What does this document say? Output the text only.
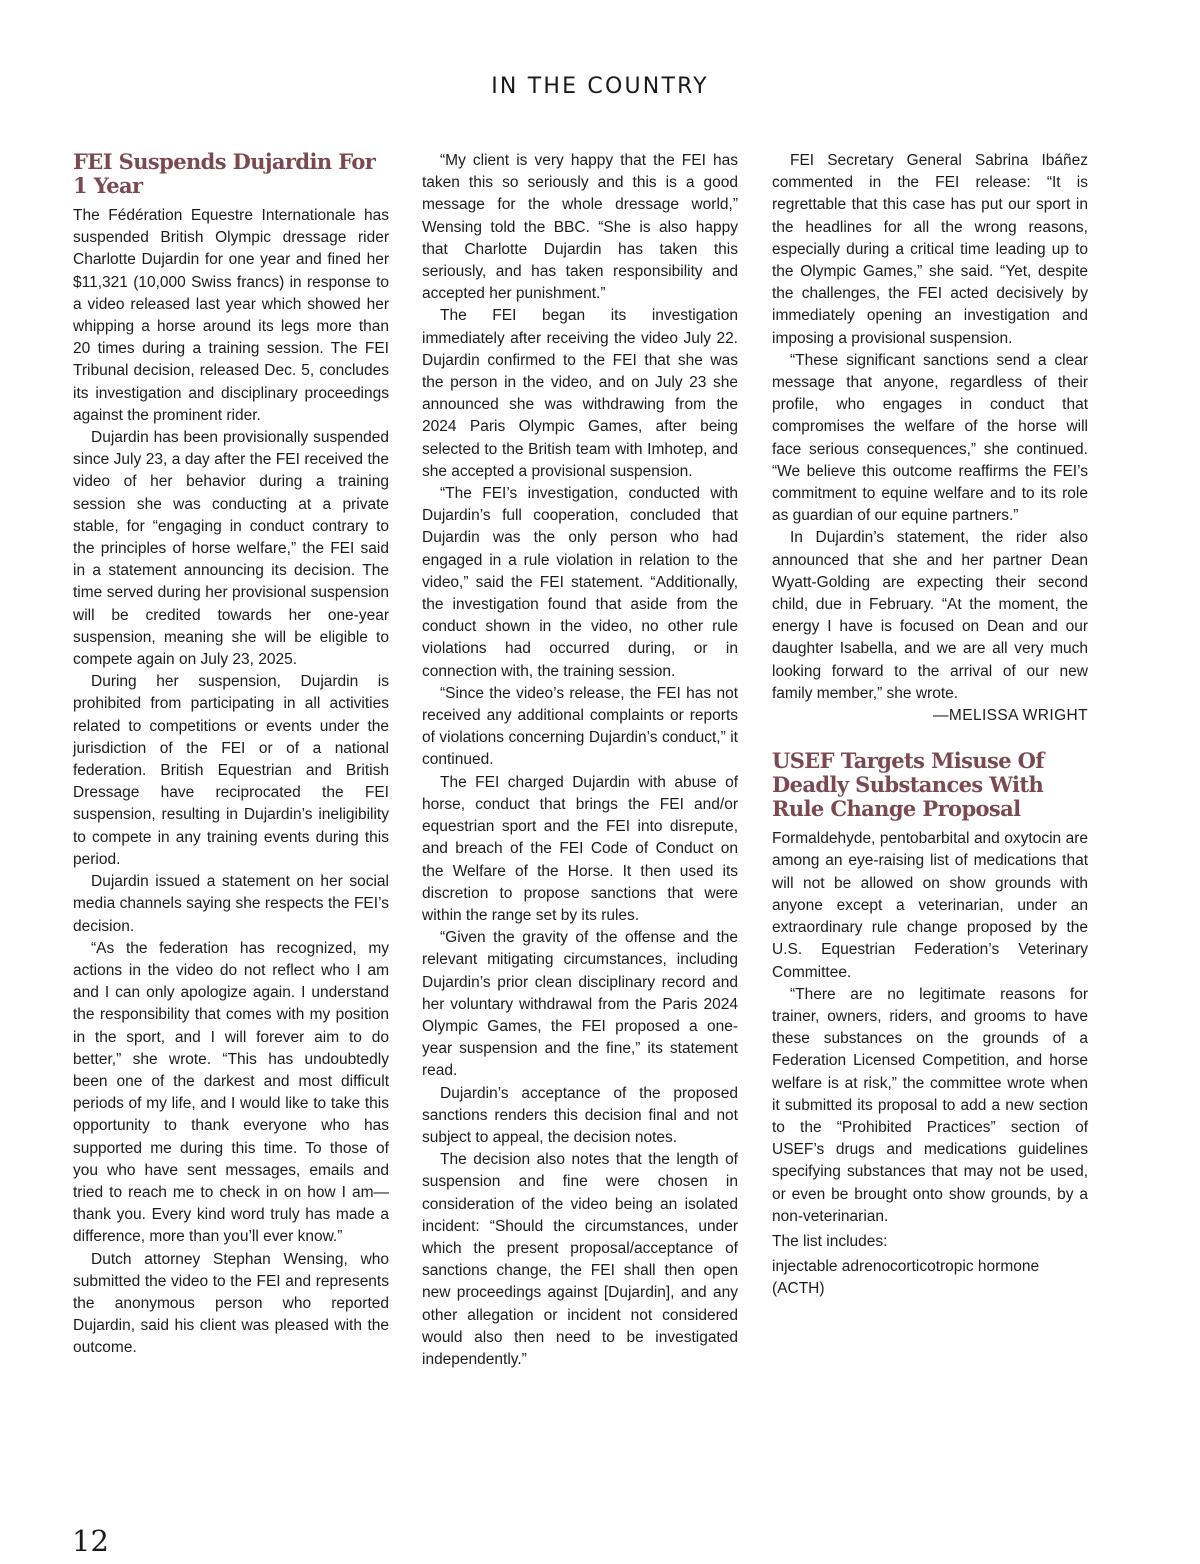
IN THE COUNTRY
FEI Suspends Dujardin For 1 Year

The Fédération Equestre Internationale has suspended British Olympic dressage rider Charlotte Dujardin for one year and fined her $11,321 (10,000 Swiss francs) in response to a video released last year which showed her whipping a horse around its legs more than 20 times during a training session. The FEI Tribunal decision, released Dec. 5, concludes its investigation and disciplinary proceedings against the prominent rider.

Dujardin has been provisionally suspended since July 23, a day after the FEI received the video of her behavior during a training session she was conducting at a private stable, for “engaging in conduct contrary to the principles of horse welfare,” the FEI said in a statement announcing its decision. The time served during her provisional suspension will be credited towards her one-year suspension, meaning she will be eligible to compete again on July 23, 2025.

During her suspension, Dujardin is prohibited from participating in all activities related to competitions or events under the jurisdiction of the FEI or of a national federation. British Equestrian and British Dressage have reciprocated the FEI suspension, resulting in Dujardin’s ineligibility to compete in any training events during this period.

Dujardin issued a statement on her social media channels saying she respects the FEI’s decision.

“As the federation has recognized, my actions in the video do not reflect who I am and I can only apologize again. I understand the responsibility that comes with my position in the sport, and I will forever aim to do better,” she wrote. “This has undoubtedly been one of the darkest and most difficult periods of my life, and I would like to take this opportunity to thank everyone who has supported me during this time. To those of you who have sent messages, emails and tried to reach me to check in on how I am—thank you. Every kind word truly has made a difference, more than you’ll ever know.”

Dutch attorney Stephan Wensing, who submitted the video to the FEI and represents the anonymous person who reported Dujardin, said his client was pleased with the outcome.

“My client is very happy that the FEI has taken this so seriously and this is a good message for the whole dressage world,” Wensing told the BBC. “She is also happy that Charlotte Dujardin has taken this seriously, and has taken responsibility and accepted her punishment.”

The FEI began its investigation immediately after receiving the video July 22. Dujardin confirmed to the FEI that she was the person in the video, and on July 23 she announced she was withdrawing from the 2024 Paris Olympic Games, after being selected to the British team with Imhotep, and she accepted a provisional suspension.

“The FEI’s investigation, conducted with Dujardin’s full cooperation, concluded that Dujardin was the only person who had engaged in a rule violation in relation to the video,” said the FEI statement. “Additionally, the investigation found that aside from the conduct shown in the video, no other rule violations had occurred during, or in connection with, the training session.

“Since the video’s release, the FEI has not received any additional complaints or reports of violations concerning Dujardin’s conduct,” it continued.

The FEI charged Dujardin with abuse of horse, conduct that brings the FEI and/or equestrian sport and the FEI into disrepute, and breach of the FEI Code of Conduct on the Welfare of the Horse. It then used its discretion to propose sanctions that were within the range set by its rules.

“Given the gravity of the offense and the relevant mitigating circumstances, including Dujardin’s prior clean disciplinary record and her voluntary withdrawal from the Paris 2024 Olympic Games, the FEI proposed a one-year suspension and the fine,” its statement read.

Dujardin’s acceptance of the proposed sanctions renders this decision final and not subject to appeal, the decision notes.

The decision also notes that the length of suspension and fine were chosen in consideration of the video being an isolated incident: “Should the circumstances, under which the present proposal/acceptance of sanctions change, the FEI shall then open new proceedings against [Dujardin], and any other allegation or incident not considered would also then need to be investigated independently.”

FEI Secretary General Sabrina Ibáñez commented in the FEI release: “It is regrettable that this case has put our sport in the headlines for all the wrong reasons, especially during a critical time leading up to the Olympic Games,” she said. “Yet, despite the challenges, the FEI acted decisively by immediately opening an investigation and imposing a provisional suspension.

“These significant sanctions send a clear message that anyone, regardless of their profile, who engages in conduct that compromises the welfare of the horse will face serious consequences,” she continued. “We believe this outcome reaffirms the FEI’s commitment to equine welfare and to its role as guardian of our equine partners.”

In Dujardin’s statement, the rider also announced that she and her partner Dean Wyatt-Golding are expecting their second child, due in February. “At the moment, the energy I have is focused on Dean and our daughter Isabella, and we are all very much looking forward to the arrival of our new family member,” she wrote.

—MELISSA WRIGHT

USEF Targets Misuse Of Deadly Substances With Rule Change Proposal

Formaldehyde, pentobarbital and oxytocin are among an eye-raising list of medications that will not be allowed on show grounds with anyone except a veterinarian, under an extraordinary rule change proposed by the U.S. Equestrian Federation’s Veterinary Committee.

“There are no legitimate reasons for trainer, owners, riders, and grooms to have these substances on the grounds of a Federation Licensed Competition, and horse welfare is at risk,” the committee wrote when it submitted its proposal to add a new section to the “Prohibited Practices” section of USEF’s drugs and medications guidelines specifying substances that may not be used, or even be brought onto show grounds, by a non-veterinarian.

The list includes:

injectable adrenocorticotropic hormone (ACTH)

12
